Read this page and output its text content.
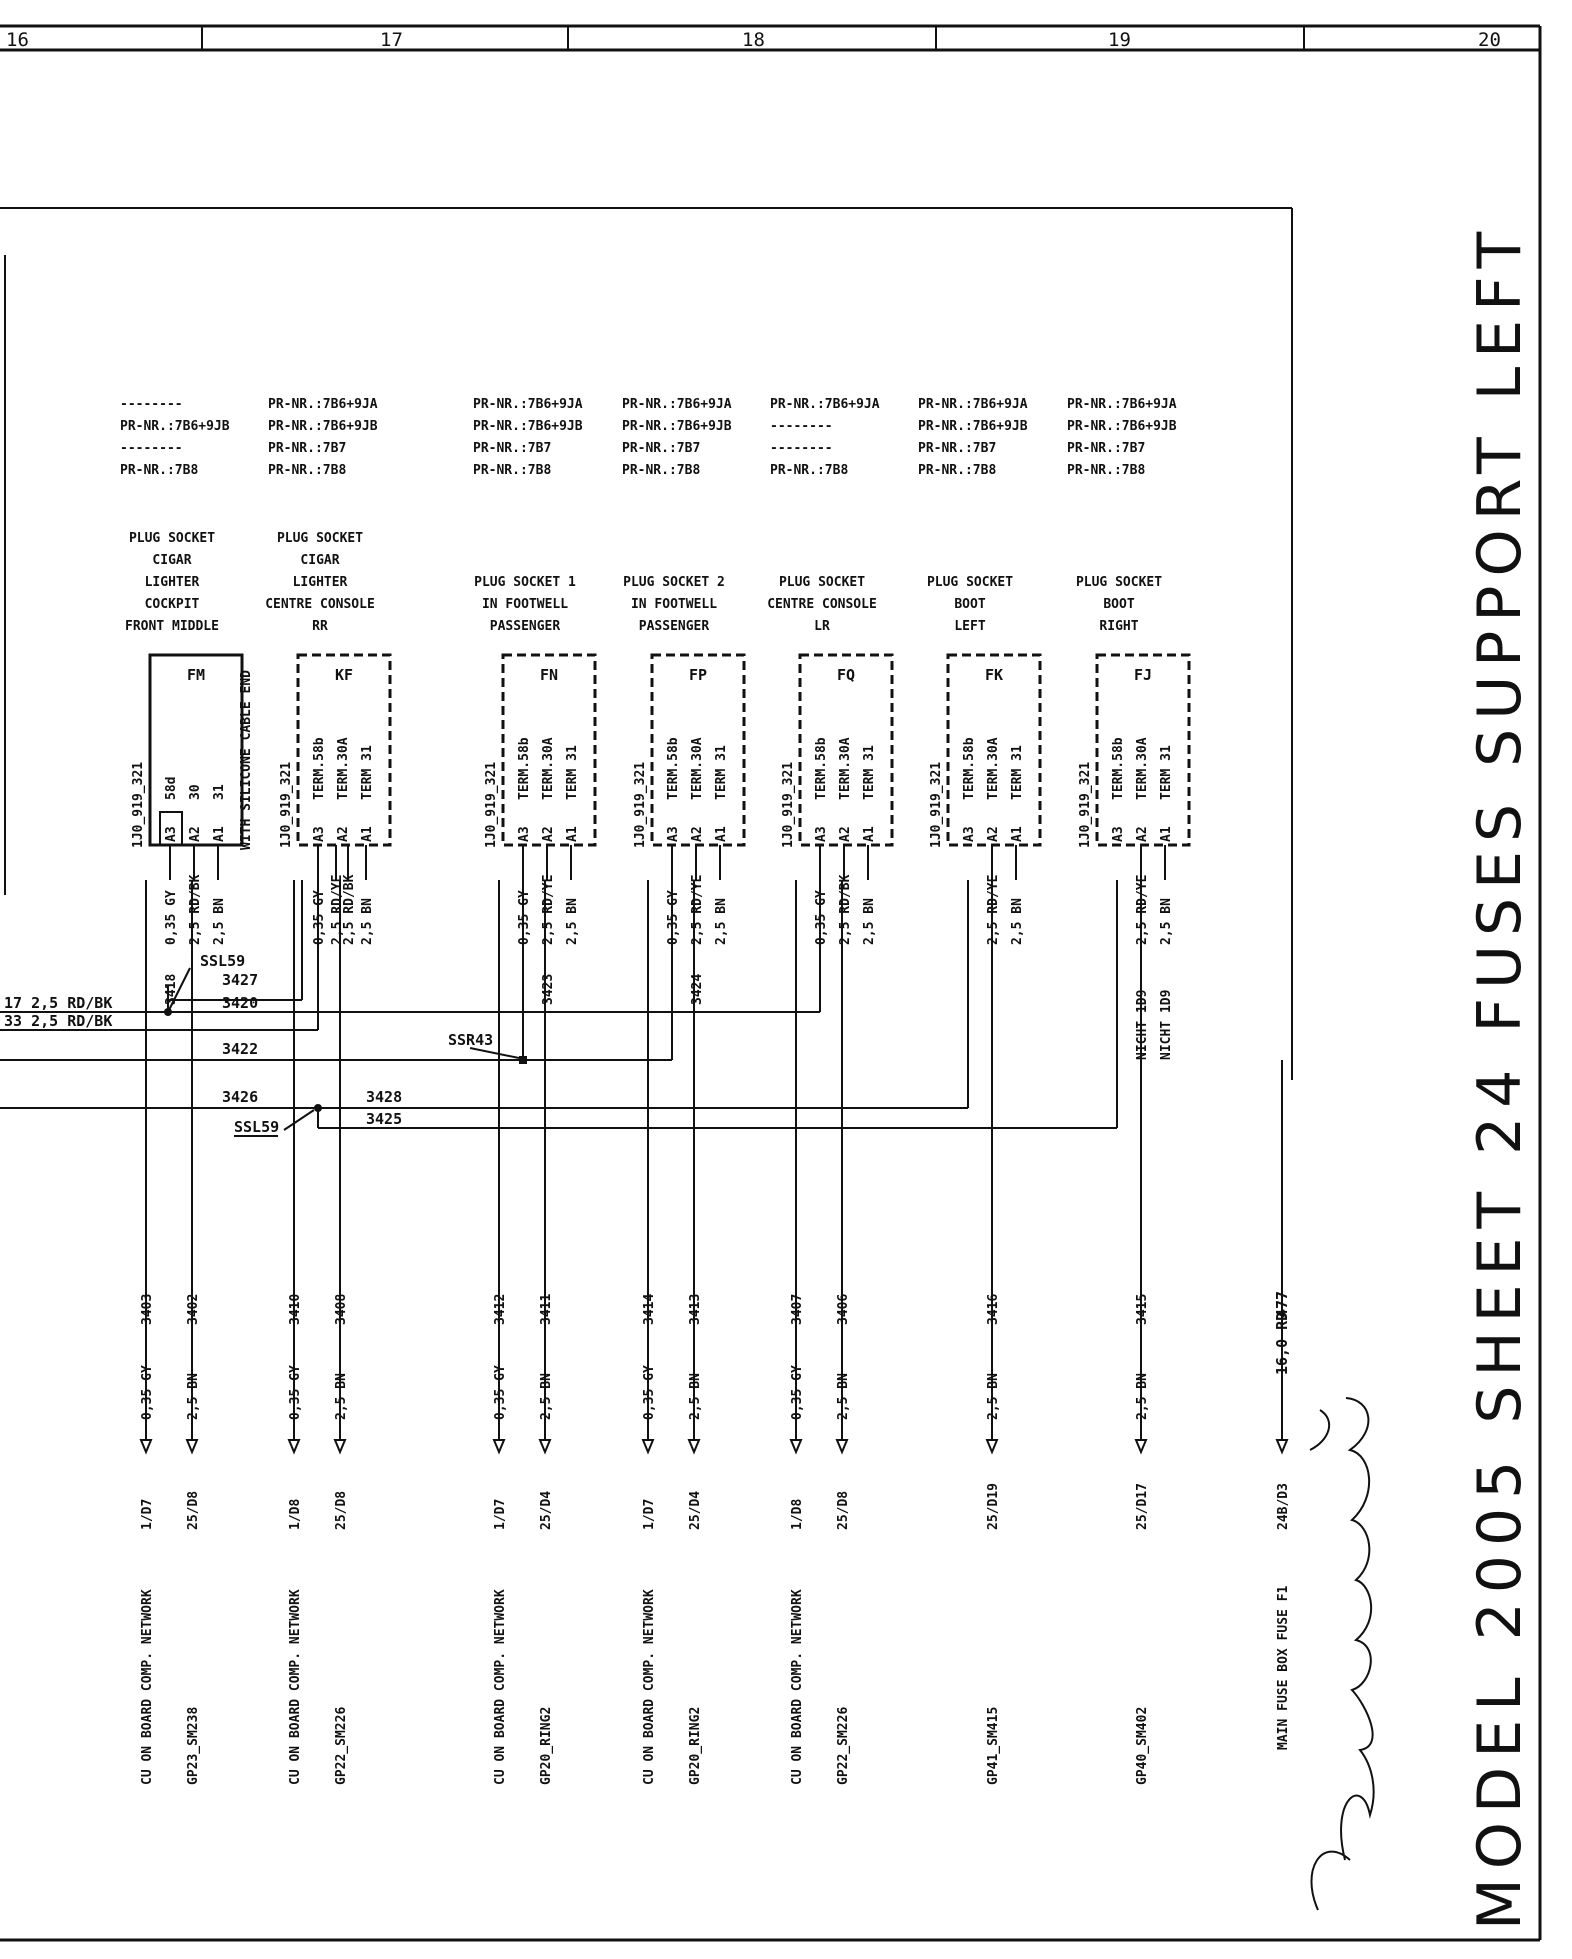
16	17	18	19	20
--------
PR-NR.:7B6+9JB
--------
PR-NR.:7B8
PLUG SOCKET
CIGAR
LIGHTER
COCKPIT
FRONT MIDDLE
FM
1J0_919_321 A3 A2 A1
58d 30 31 WITH SILICONE CABLE END
0,35 GY 2,5 RD/BK 2,5 BN
3418
0,35 GY
3403
1/D7
CU ON BOARD COMP. NETWORK
2,5 BN
3402
25/D8
GP23_SM238
PR-NR.:7B6+9JA
PR-NR.:7B6+9JB
PR-NR.:7B7
PR-NR.:7B8
PLUG SOCKET
CIGAR
LIGHTER
CENTRE CONSOLE
RR
KF
1J0_919_321 A3 A2 A1
TERM.58b TERM.30A TERM 31
0,35 GY 2,5 RD/YE
2,5 RD/BK 2,5 BN
0,35 GY
3410
1/D8
CU ON BOARD COMP. NETWORK
2,5 BN
3408
25/D8
GP22_SM226
PR-NR.:7B6+9JA
PR-NR.:7B6+9JB
PR-NR.:7B7
PR-NR.:7B8
PLUG SOCKET 1
IN FOOTWELL
PASSENGER
FN
1J0_919_321 A3 A2 A1
TERM.58b TERM.30A TERM 31
0,35 GY 2,5 RD/YE 2,5 BN
3423
0,35 GY
3412
1/D7
CU ON BOARD COMP. NETWORK
2,5 BN
3411
25/D4
GP20_RING2
PR-NR.:7B6+9JA
PR-NR.:7B6+9JB
PR-NR.:7B7
PR-NR.:7B8
PLUG SOCKET 2
IN FOOTWELL
PASSENGER
FP
1J0_919_321 A3 A2 A1
TERM.58b TERM.30A TERM 31
0,35 GY 2,5 RD/YE 2,5 BN
3424
0,35 GY
3414
1/D7
CU ON BOARD COMP. NETWORK
2,5 BN
3413
25/D4
GP20_RING2
PR-NR.:7B6+9JA
--------
--------
PR-NR.:7B8
PLUG SOCKET
CENTRE CONSOLE
LR
FQ
1J0_919_321 A3 A2 A1
TERM.58b TERM.30A TERM 31
0,35 GY 2,5 RD/BK 2,5 BN
0,35 GY
3407
1/D8
CU ON BOARD COMP. NETWORK
2,5 BN
3406
25/D8
GP22_SM226
PR-NR.:7B6+9JA
PR-NR.:7B6+9JB
PR-NR.:7B7
PR-NR.:7B8
PLUG SOCKET
BOOT
LEFT
FK
1J0_919_321 A3 A2 A1
TERM.58b TERM.30A TERM 31
2,5 RD/YE 2,5 BN
2,5 BN
3416
25/D19
GP41_SM415
PR-NR.:7B6+9JA
PR-NR.:7B6+9JB
PR-NR.:7B7
PR-NR.:7B8
PLUG SOCKET
BOOT
RIGHT
FJ
1J0_919_321 A3 A2 A1
TERM.58b TERM.30A TERM 31
2,5 RD/YE 2,5 BN
NICHT 1D9 NICHT 1D9
2,5 BN
3415
25/D17
GP40_SM402
17 2,5 RD/BK
33 2,5 RD/BK
SSL59
3427
3420
3422	SSR43
3426	3428
3425
SSL59
16,0 RD
477
24B/D3
MAIN FUSE BOX FUSE F1	MODEL 2005 SHEET 24 FUSES SUPPORT LEFT
